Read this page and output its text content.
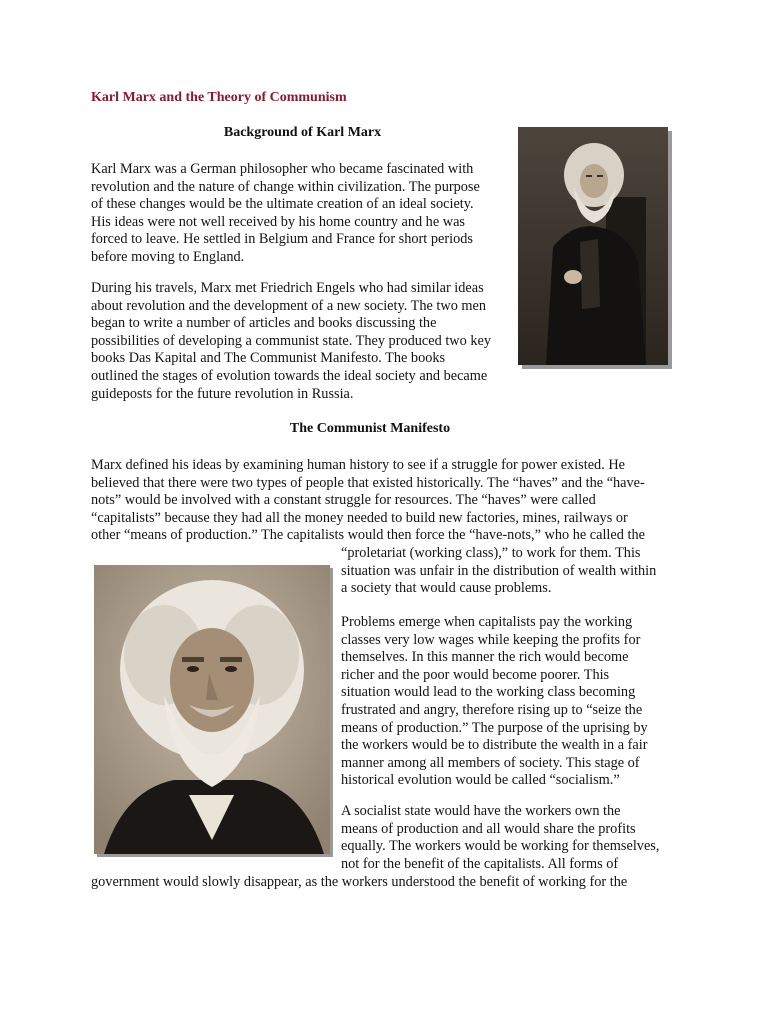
Karl Marx and the Theory of Communism
Background of Karl Marx
Karl Marx was a German philosopher who became fascinated with
revolution and the nature of change within civilization. The purpose
of these changes would be the ultimate creation of an ideal society.
His ideas were not well received by his home country and he was
forced to leave. He settled in Belgium and France for short periods
before moving to England.
During his travels, Marx met Friedrich Engels who had similar ideas
about revolution and the development of a new society. The two men
began to write a number of articles and books discussing the
possibilities of developing a communist state. They produced two key
books Das Kapital and The Communist Manifesto. The books
outlined the stages of evolution towards the ideal society and became
guideposts for the future revolution in Russia.
The Communist Manifesto
Marx defined his ideas by examining human history to see if a struggle for power existed. He
believed that there were two types of people that existed historically. The “haves” and the “have-
nots” would be involved with a constant struggle for resources. The “haves” were called
“capitalists” because they had all the money needed to build new factories, mines, railways or
other “means of production.” The capitalists would then force the “have-nots,” who he called the
“proletariat (working class),” to work for them. This
situation was unfair in the distribution of wealth within
a society that would cause problems.
Problems emerge when capitalists pay the working
classes very low wages while keeping the profits for
themselves. In this manner the rich would become
richer and the poor would become poorer. This
situation would lead to the working class becoming
frustrated and angry, therefore rising up to “seize the
means of production.” The purpose of the uprising by
the workers would be to distribute the wealth in a fair
manner among all members of society. This stage of
historical evolution would be called “socialism.”
A socialist state would have the workers own the
means of production and all would share the profits
equally. The workers would be working for themselves,
not for the benefit of the capitalists. All forms of
government would slowly disappear, as the workers understood the benefit of working for the
